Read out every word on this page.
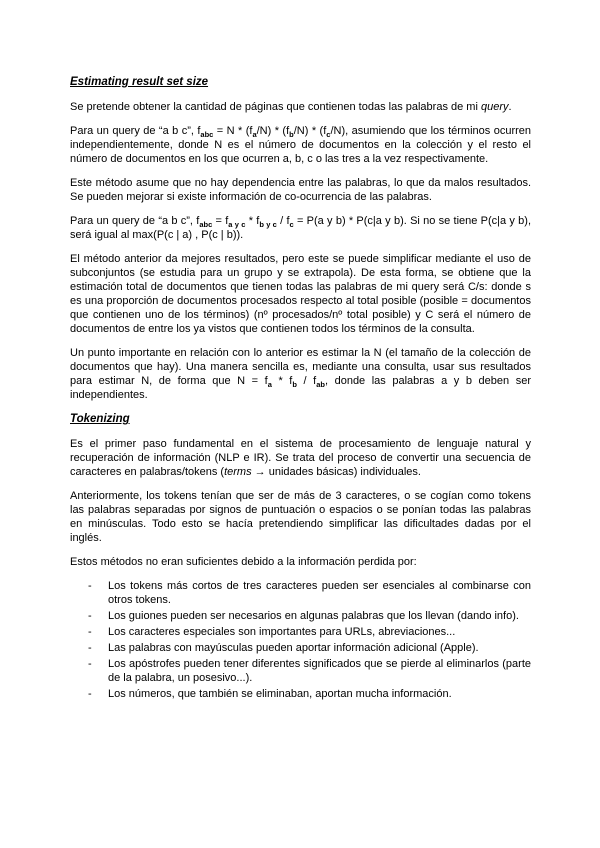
Estimating result set size

Se pretende obtener la cantidad de páginas que contienen todas las palabras de mi query.

Para un query de “a b c”, $f_{abc} = N * (f_a/N) * (f_b/N) * (f_c/N)$, asumiendo que los términos ocurren independientemente, donde N es el número de documentos en la colección y el resto el número de documentos en los que ocurren a, b, c o las tres a la vez respectivamente.

Este método asume que no hay dependencia entre las palabras, lo que da malos resultados. Se pueden mejorar si existe información de co-ocurrencia de las palabras.

Para un query de “a b c”, $f_{abc} = f_{a y c} * f_{b y c} / f_c = P(a$ y b) * P(c|a y b). Si no se tiene P(c|a y b), será igual al max(P(c | a) , P(c | b)).

El método anterior da mejores resultados, pero este se puede simplificar mediante el uso de subconjuntos (se estudia para un grupo y se extrapola). De esta forma, se obtiene que la estimación total de documentos que tienen todas las palabras de mi query será C/s: donde s es una proporción de documentos procesados respecto al total posible (posible = documentos que contienen uno de los términos) (nº procesados/nº total posible) y C será el número de documentos de entre los ya vistos que contienen todos los términos de la consulta.

Un punto importante en relación con lo anterior es estimar la N (el tamaño de la colección de documentos que hay). Una manera sencilla es, mediante una consulta, usar sus resultados para estimar N, de forma que $N = f_a * f_b / f_{ab}$, donde las palabras a y b deben ser independientes.

Tokenizing

Es el primer paso fundamental en el sistema de procesamiento de lenguaje natural y recuperación de información (NLP e IR). Se trata del proceso de convertir una secuencia de caracteres en palabras/tokens (terms → unidades básicas) individuales.

Anteriormente, los tokens tenían que ser de más de 3 caracteres, o se cogían como tokens las palabras separadas por signos de puntuación o espacios o se ponían todas las palabras en minúsculas. Todo esto se hacía pretendiendo simplificar las dificultades dadas por el inglés.

Estos métodos no eran suficientes debido a la información perdida por:

-	Los tokens más cortos de tres caracteres pueden ser esenciales al combinarse con otros tokens.
-	Los guiones pueden ser necesarios en algunas palabras que los llevan (dando info).
-	Los caracteres especiales son importantes para URLs, abreviaciones...
-	Las palabras con mayúsculas pueden aportar información adicional (Apple).
-	Los apóstrofes pueden tener diferentes significados que se pierde al eliminarlos (parte de la palabra, un posesivo...).
-	Los números, que también se eliminaban, aportan mucha información.
